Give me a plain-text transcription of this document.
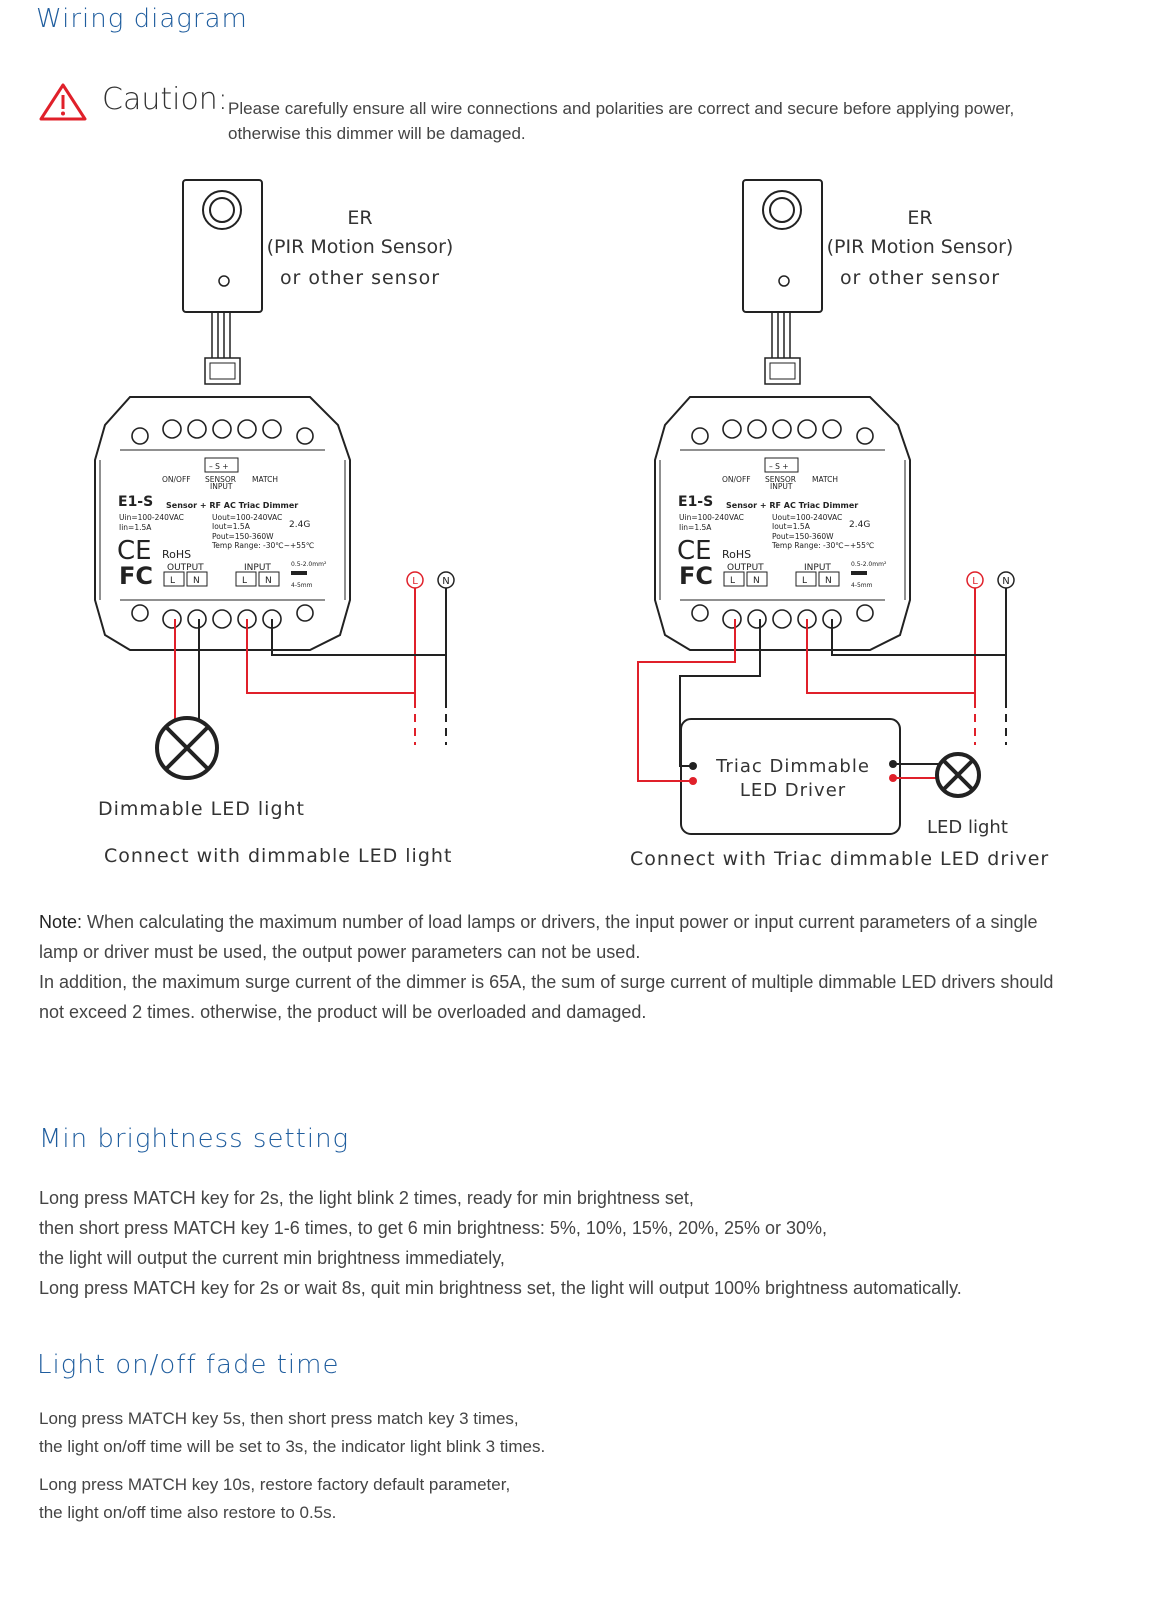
Wiring diagram
Caution: Please carefully ensure all wire connections and polarities are correct and secure before applying power,
otherwise this dimmer will be damaged.
ER
(PIR Motion Sensor)
or other sensor
– S +
ON/OFF SENSOR
INPUT
MATCH
E1-S Sensor + RF AC Triac Dimmer
Uin=100-240VAC
Iin=1.5A
Uout=100-240VAC
Iout=1.5A
Pout=150-360W
Temp Range: -30℃~+55℃
2.4G
CE RoHS
FC OUTPUT	INPUT
L N	L N
0.5-2.0mm²
4-5mm	L N
ER
(PIR Motion Sensor)
or other sensor
– S +
ON/OFF SENSOR
INPUT
MATCH
E1-S Sensor + RF AC Triac Dimmer
Uin=100-240VAC
Iin=1.5A
Uout=100-240VAC
Iout=1.5A
Pout=150-360W
Temp Range: -30℃~+55℃
2.4G
CE RoHS
FC OUTPUT	INPUT
L N	L N
0.5-2.0mm²
4-5mm	L N
Triac Dimmable
LED Driver
Dimmable LED light
Connect with dimmable LED light
LED light
Connect with Triac dimmable LED driver
Note: When calculating the maximum number of load lamps or drivers, the input power or input current parameters of a single
lamp or driver must be used, the output power parameters can not be used.
In addition, the maximum surge current of the dimmer is 65A, the sum of surge current of multiple dimmable LED drivers should
not exceed 2 times. otherwise, the product will be overloaded and damaged.
Min brightness setting
Long press MATCH key for 2s, the light blink 2 times, ready for min brightness set,
then short press MATCH key 1-6 times, to get 6 min brightness: 5%, 10%, 15%, 20%, 25% or 30%,
the light will output the current min brightness immediately,
Long press MATCH key for 2s or wait 8s, quit min brightness set, the light will output 100% brightness automatically.
Light on/off fade time
Long press MATCH key 5s, then short press match key 3 times,
the light on/off time will be set to 3s, the indicator light blink 3 times.
Long press MATCH key 10s, restore factory default parameter,
the light on/off time also restore to 0.5s.
